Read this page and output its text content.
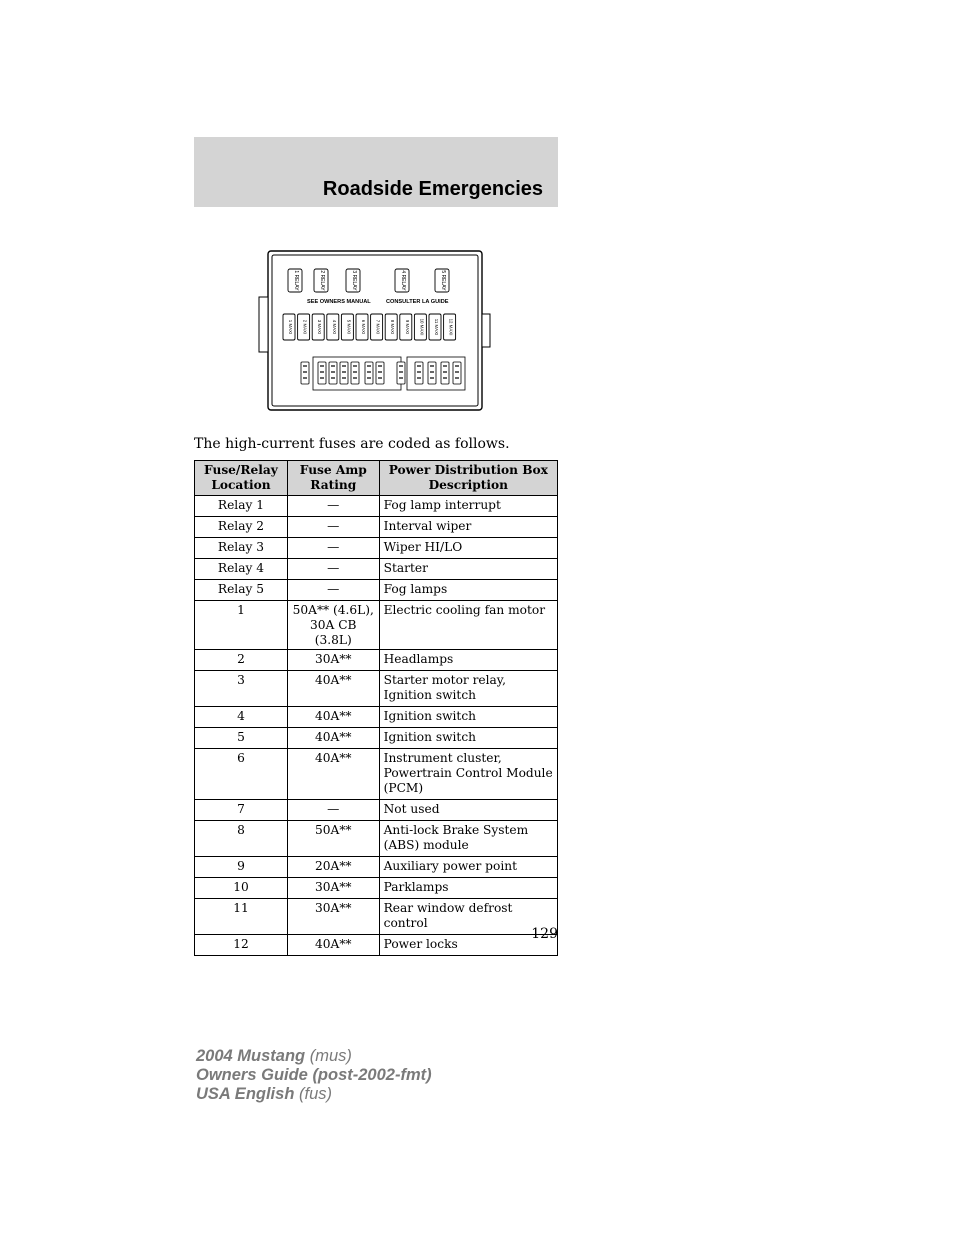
Roadside Emergencies
1 RELAY	2 RELAY	3 RELAY	4 RELAY	5 RELAY
SEE OWNERS MANUAL	CONSULTER LA GUIDE
1 MAXI 2 MAXI 3 MAXI 4 MAXI 5 MAXI 6 MAXI 7 MAXI 8 MAXI 9 MAXI 10 MAXI 11 MAXI 12 MAXI
The high-current fuses are coded as follows.
Fuse/Relay Location	Fuse Amp Rating	Power Distribution Box Description
Relay 1	—	Fog lamp interrupt
Relay 2	—	Interval wiper
Relay 3	—	Wiper HI/LO
Relay 4	—	Starter
Relay 5	—	Fog lamps
1	50A** (4.6L), 30A CB (3.8L)	Electric cooling fan motor
2	30A**	Headlamps
3	40A**	Starter motor relay, Ignition switch
4	40A**	Ignition switch
5	40A**	Ignition switch
6	40A**	Instrument cluster, Powertrain Control Module (PCM)
7	—	Not used
8	50A**	Anti-lock Brake System (ABS) module
9	20A**	Auxiliary power point
10	30A**	Parklamps
11	30A**	Rear window defrost control
12	40A**	Power locks
129
2004 Mustang (mus)
Owners Guide (post-2002-fmt)
USA English (fus)
